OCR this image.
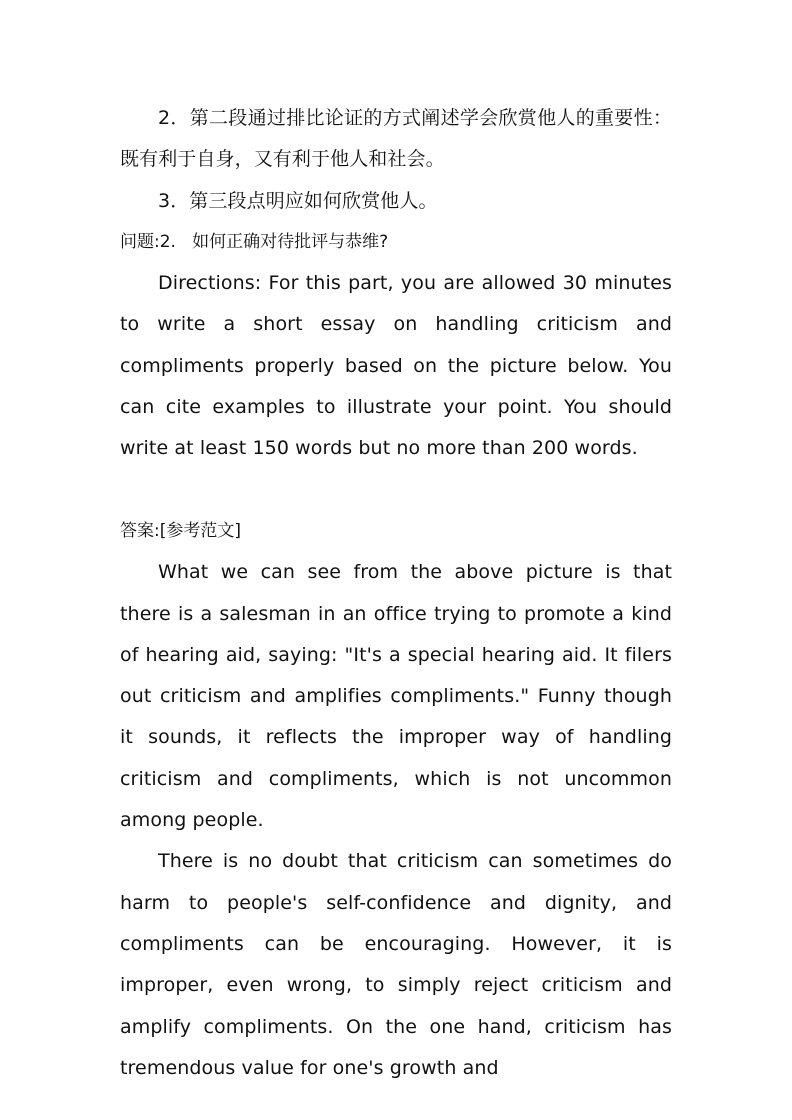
2．第二段通过排比论证的方式阐述学会欣赏他人的重要性：既有利于自身，又有利于他人和社会。

3．第三段点明应如何欣赏他人。

问题:2.   如何正确对待批评与恭维?

Directions: For this part, you are allowed 30 minutes to write a short essay on handling criticism and compliments properly based on the picture below. You can cite examples to illustrate your point. You should write at least 150 words but no more than 200 words.

答案:[参考范文]

What we can see from the above picture is that there is a salesman in an office trying to promote a kind of hearing aid, saying: "It's a special hearing aid. It filers out criticism and amplifies compliments." Funny though it sounds, it reflects the improper way of handling criticism and compliments, which is not uncommon among people.

There is no doubt that criticism can sometimes do harm to people's self-confidence and dignity, and compliments can be encouraging. However, it is improper, even wrong, to simply reject criticism and amplify compliments. On the one hand, criticism has tremendous value for one's growth and
